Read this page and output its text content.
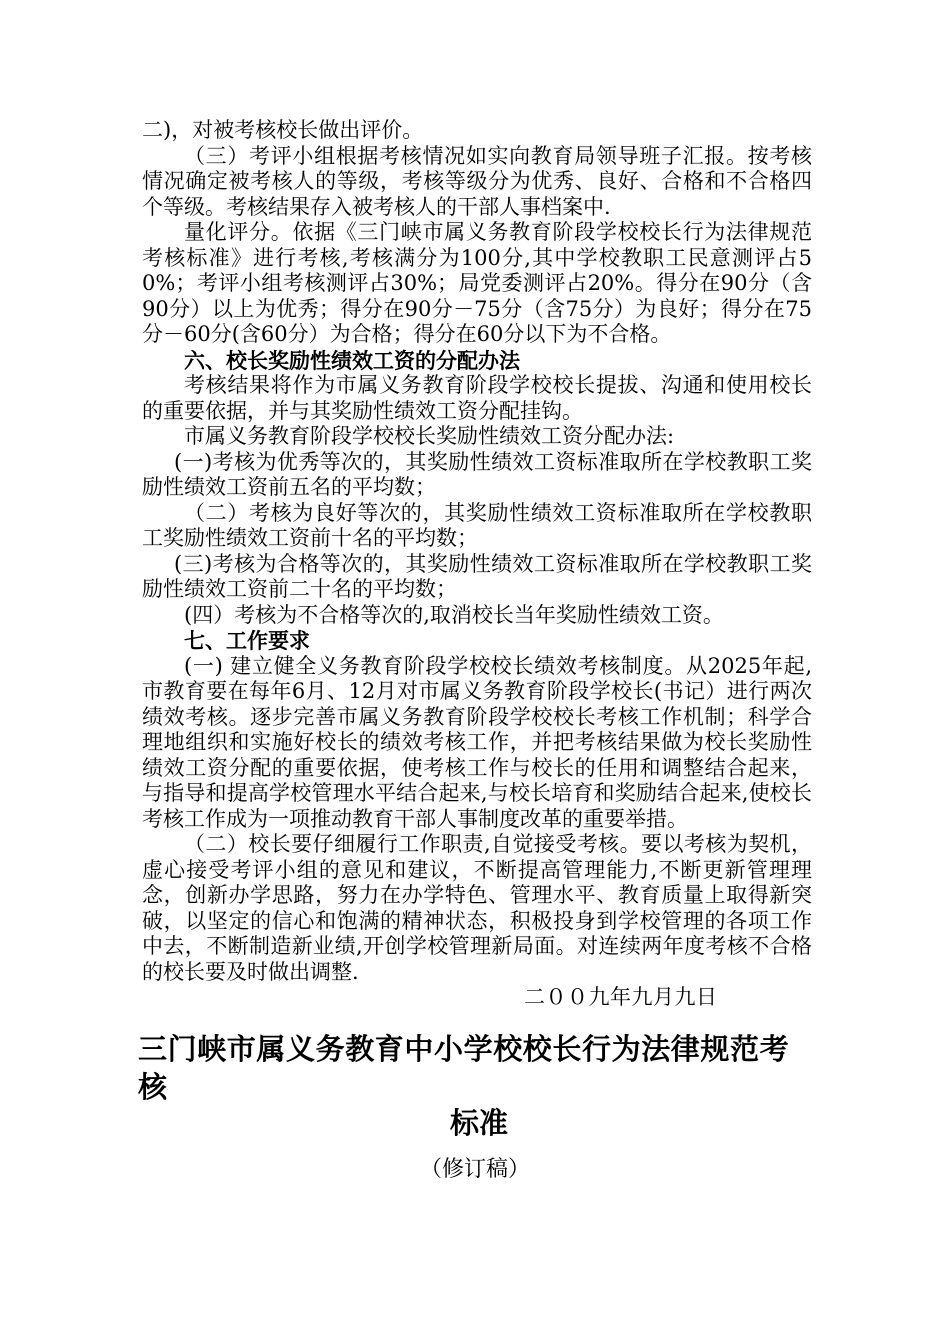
二)，对被考核校长做出评价。

（三）考评小组根据考核情况如实向教育局领导班子汇报。按考核情况确定被考核人的等级，考核等级分为优秀、良好、合格和不合格四个等级。考核结果存入被考核人的干部人事档案中.

量化评分。依据《三门峡市属义务教育阶段学校校长行为法律规范考核标准》进行考核,考核满分为100分,其中学校教职工民意测评占50%；考评小组考核测评占30%；局党委测评占20%。得分在90分（含90分）以上为优秀；得分在90分－75分（含75分）为良好；得分在75分－60分(含60分）为合格；得分在60分以下为不合格。

六、校长奖励性绩效工资的分配办法

考核结果将作为市属义务教育阶段学校校长提拔、沟通和使用校长的重要依据，并与其奖励性绩效工资分配挂钩。

市属义务教育阶段学校校长奖励性绩效工资分配办法:

(一)考核为优秀等次的，其奖励性绩效工资标准取所在学校教职工奖励性绩效工资前五名的平均数；

（二）考核为良好等次的，其奖励性绩效工资标准取所在学校教职工奖励性绩效工资前十名的平均数；

(三)考核为合格等次的，其奖励性绩效工资标准取所在学校教职工奖励性绩效工资前二十名的平均数；

(四）考核为不合格等次的,取消校长当年奖励性绩效工资。

七、工作要求

(一) 建立健全义务教育阶段学校校长绩效考核制度。从2025年起,市教育要在每年6月、12月对市属义务教育阶段学校长(书记）进行两次绩效考核。逐步完善市属义务教育阶段学校校长考核工作机制；科学合理地组织和实施好校长的绩效考核工作，并把考核结果做为校长奖励性绩效工资分配的重要依据，使考核工作与校长的任用和调整结合起来，与指导和提高学校管理水平结合起来,与校长培育和奖励结合起来,使校长考核工作成为一项推动教育干部人事制度改革的重要举措。

（二）校长要仔细履行工作职责,自觉接受考核。要以考核为契机，虚心接受考评小组的意见和建议，不断提高管理能力,不断更新管理理念，创新办学思路，努力在办学特色、管理水平、教育质量上取得新突破，以坚定的信心和饱满的精神状态，积极投身到学校管理的各项工作中去，不断制造新业绩,开创学校管理新局面。对连续两年度考核不合格的校长要及时做出调整.

二００九年九月九日

三门峡市属义务教育中小学校校长行为法律规范考核

标准

（修订稿）
